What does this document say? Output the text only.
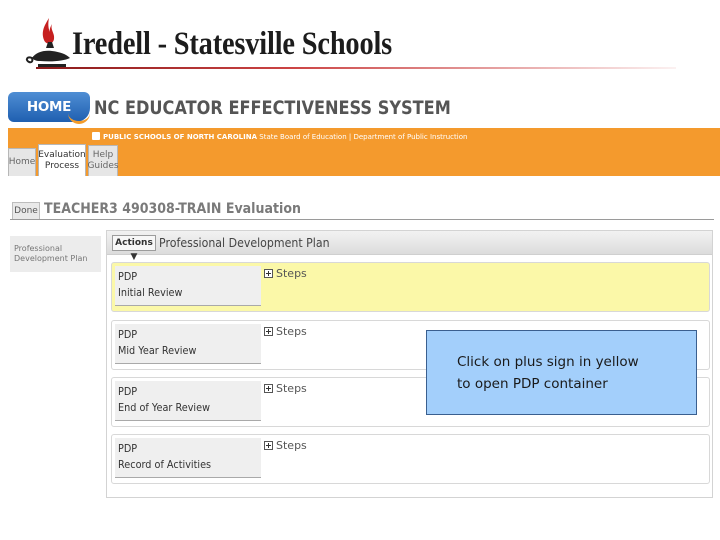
Iredell - Statesville Schools
HOME	NC EDUCATOR EFFECTIVENESS SYSTEM
PUBLIC SCHOOLS OF NORTH CAROLINA State Board of Education | Department of Public Instruction
Home
Evaluation
Process
Help
Guides
Done TEACHER3 490308-TRAIN Evaluation
Professional
Development Plan
Actions ▼
Professional Development Plan
PDP
Initial Review
Steps
PDP
Mid Year Review
Steps
PDP
End of Year Review
Steps
PDP
Record of Activities
Steps
Click on plus sign in yellow
to open PDP container
